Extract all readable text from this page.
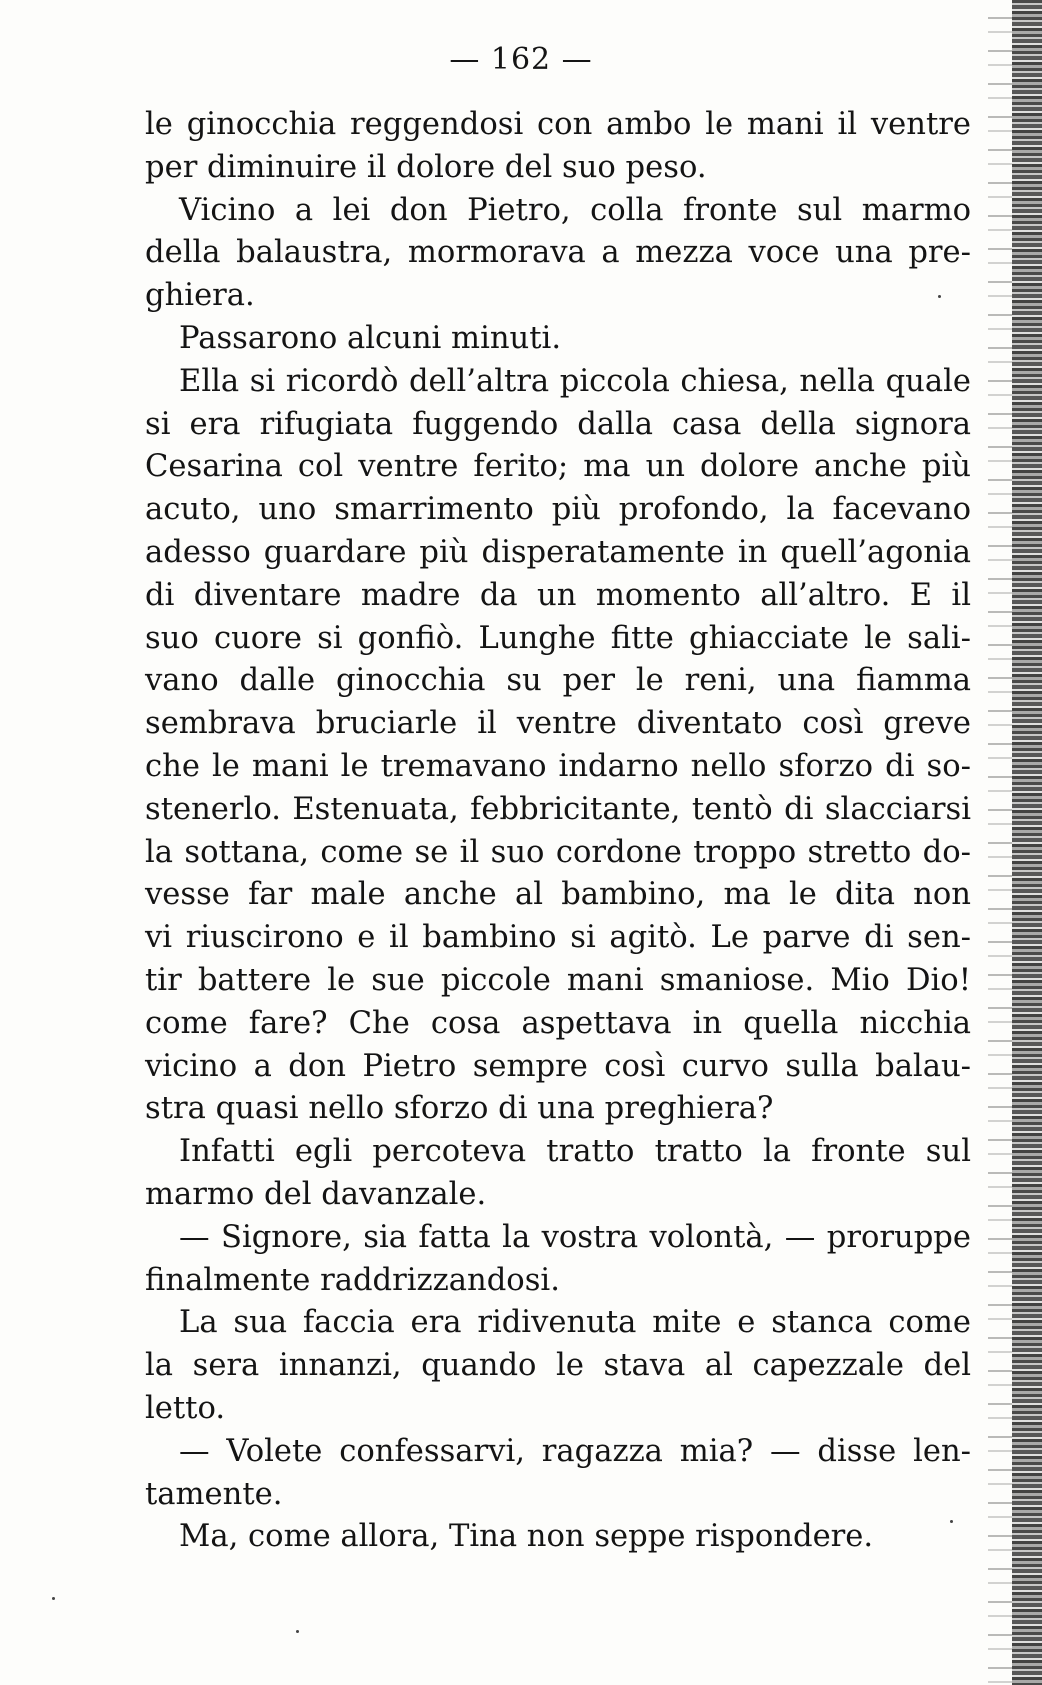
— 162 —
le ginocchia reggendosi con ambo le mani il ventre
per diminuire il dolore del suo peso.
Vicino a lei don Pietro, colla fronte sul marmo
della balaustra, mormorava a mezza voce una pre-
ghiera.
Passarono alcuni minuti.
Ella si ricordò dell’altra piccola chiesa, nella quale
si era rifugiata fuggendo dalla casa della signora
Cesarina col ventre ferito; ma un dolore anche più
acuto, uno smarrimento più profondo, la facevano
adesso guardare più disperatamente in quell’agonia
di diventare madre da un momento all’altro. E il
suo cuore si gonfiò. Lunghe fitte ghiacciate le sali-
vano dalle ginocchia su per le reni, una fiamma
sembrava bruciarle il ventre diventato così greve
che le mani le tremavano indarno nello sforzo di so-
stenerlo. Estenuata, febbricitante, tentò di slacciarsi
la sottana, come se il suo cordone troppo stretto do-
vesse far male anche al bambino, ma le dita non
vi riuscirono e il bambino si agitò. Le parve di sen-
tir battere le sue piccole mani smaniose. Mio Dio!
come fare? Che cosa aspettava in quella nicchia
vicino a don Pietro sempre così curvo sulla balau-
stra quasi nello sforzo di una preghiera?
Infatti egli percoteva tratto tratto la fronte sul
marmo del davanzale.
— Signore, sia fatta la vostra volontà, — proruppe
finalmente raddrizzandosi.
La sua faccia era ridivenuta mite e stanca come
la sera innanzi, quando le stava al capezzale del
letto.
— Volete confessarvi, ragazza mia? — disse len-
tamente.
Ma, come allora, Tina non seppe rispondere.
